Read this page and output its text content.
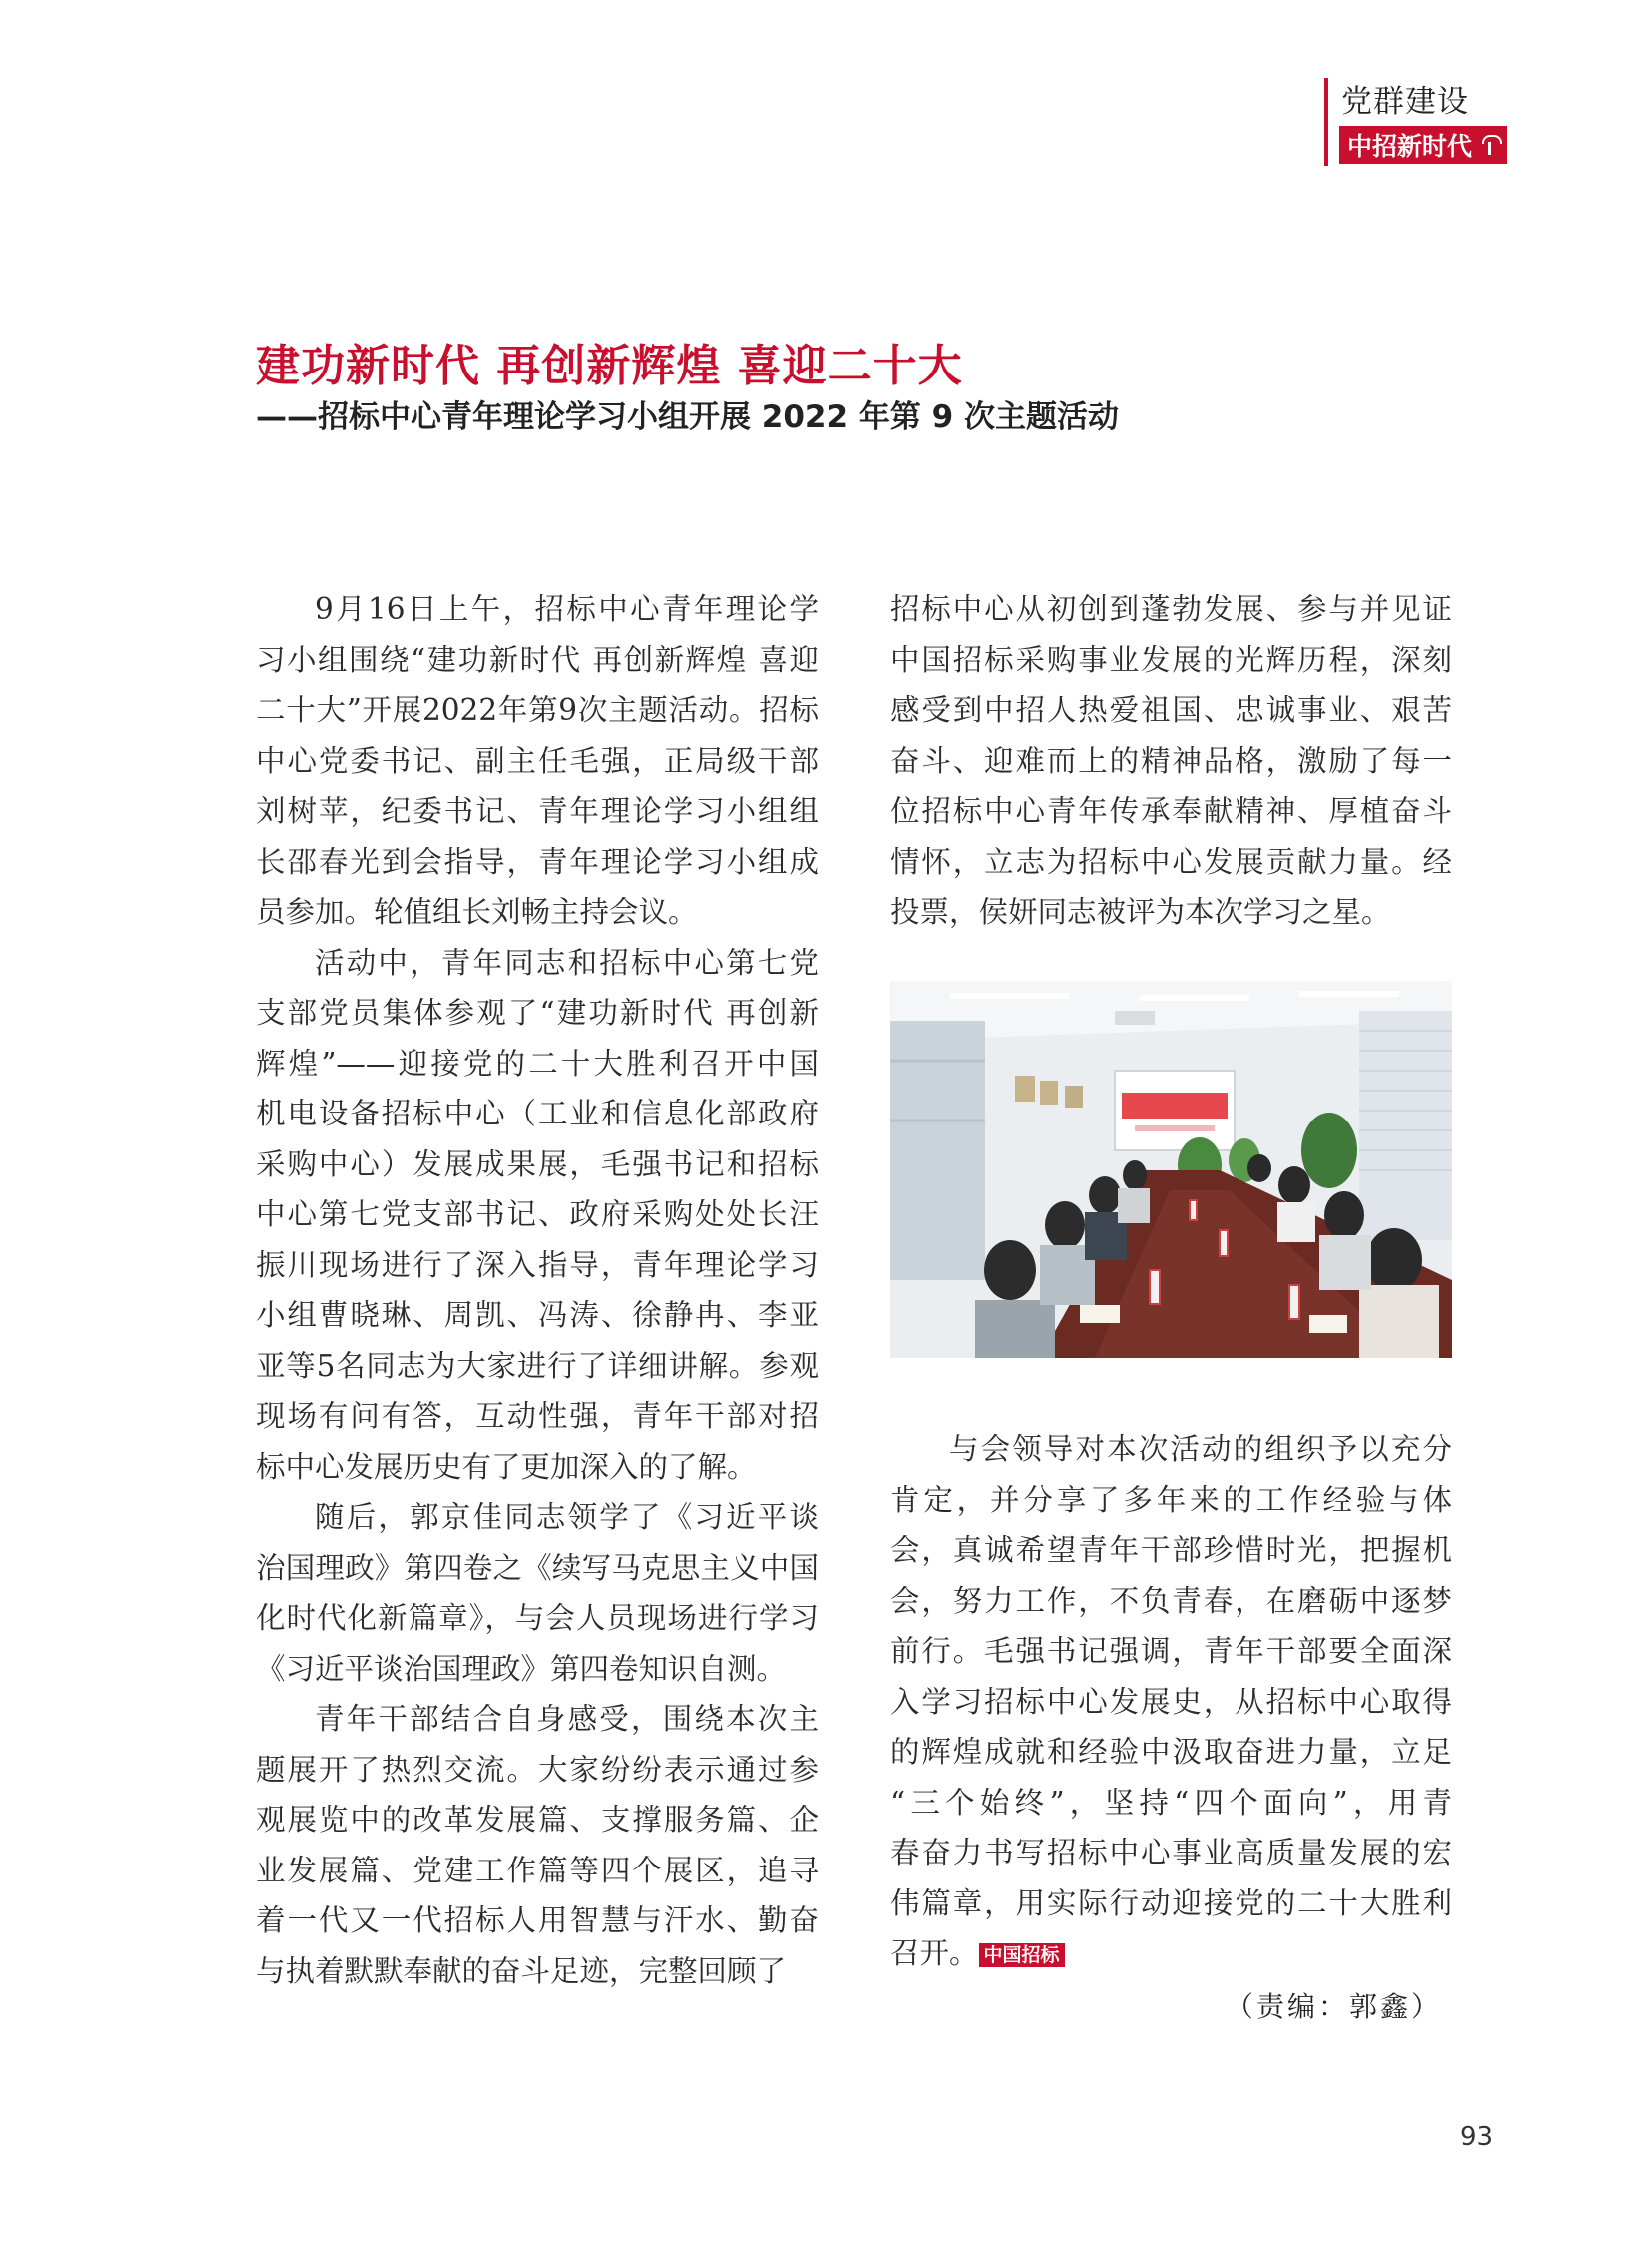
党群建设
中招新时代
建功新时代 再创新辉煌 喜迎二十大
——招标中心青年理论学习小组开展 2022 年第 9 次主题活动
9月16日上午，招标中心青年理论学
习小组围绕“建功新时代 再创新辉煌 喜迎
二十大”开展2022年第9次主题活动。招标
中心党委书记、副主任毛强，正局级干部
刘树苹，纪委书记、青年理论学习小组组
长邵春光到会指导，青年理论学习小组成
员参加。轮值组长刘畅主持会议。
活动中，青年同志和招标中心第七党
支部党员集体参观了“建功新时代 再创新
辉煌”——迎接党的二十大胜利召开中国
机电设备招标中心（工业和信息化部政府
采购中心）发展成果展，毛强书记和招标
中心第七党支部书记、政府采购处处长汪
振川现场进行了深入指导，青年理论学习
小组曹晓琳、周凯、冯涛、徐静冉、李亚
亚等5名同志为大家进行了详细讲解。参观
现场有问有答，互动性强，青年干部对招
标中心发展历史有了更加深入的了解。
随后，郭京佳同志领学了《习近平谈
治国理政》第四卷之《续写马克思主义中国
化时代化新篇章》，与会人员现场进行学习
《习近平谈治国理政》第四卷知识自测。
青年干部结合自身感受，围绕本次主
题展开了热烈交流。大家纷纷表示通过参
观展览中的改革发展篇、支撑服务篇、企
业发展篇、党建工作篇等四个展区，追寻
着一代又一代招标人用智慧与汗水、勤奋
与执着默默奉献的奋斗足迹，完整回顾了
招标中心从初创到蓬勃发展、参与并见证
中国招标采购事业发展的光辉历程，深刻
感受到中招人热爱祖国、忠诚事业、艰苦
奋斗、迎难而上的精神品格，激励了每一
位招标中心青年传承奉献精神、厚植奋斗
情怀，立志为招标中心发展贡献力量。经
投票，侯妍同志被评为本次学习之星。
与会领导对本次活动的组织予以充分
肯定，并分享了多年来的工作经验与体
会，真诚希望青年干部珍惜时光，把握机
会，努力工作，不负青春，在磨砺中逐梦
前行。毛强书记强调，青年干部要全面深
入学习招标中心发展史，从招标中心取得
的辉煌成就和经验中汲取奋进力量，立足
“三个始终”，坚持“四个面向”，用青
春奋力书写招标中心事业高质量发展的宏
伟篇章，用实际行动迎接党的二十大胜利
召开。 中国招标
（责编：郭鑫）
93
